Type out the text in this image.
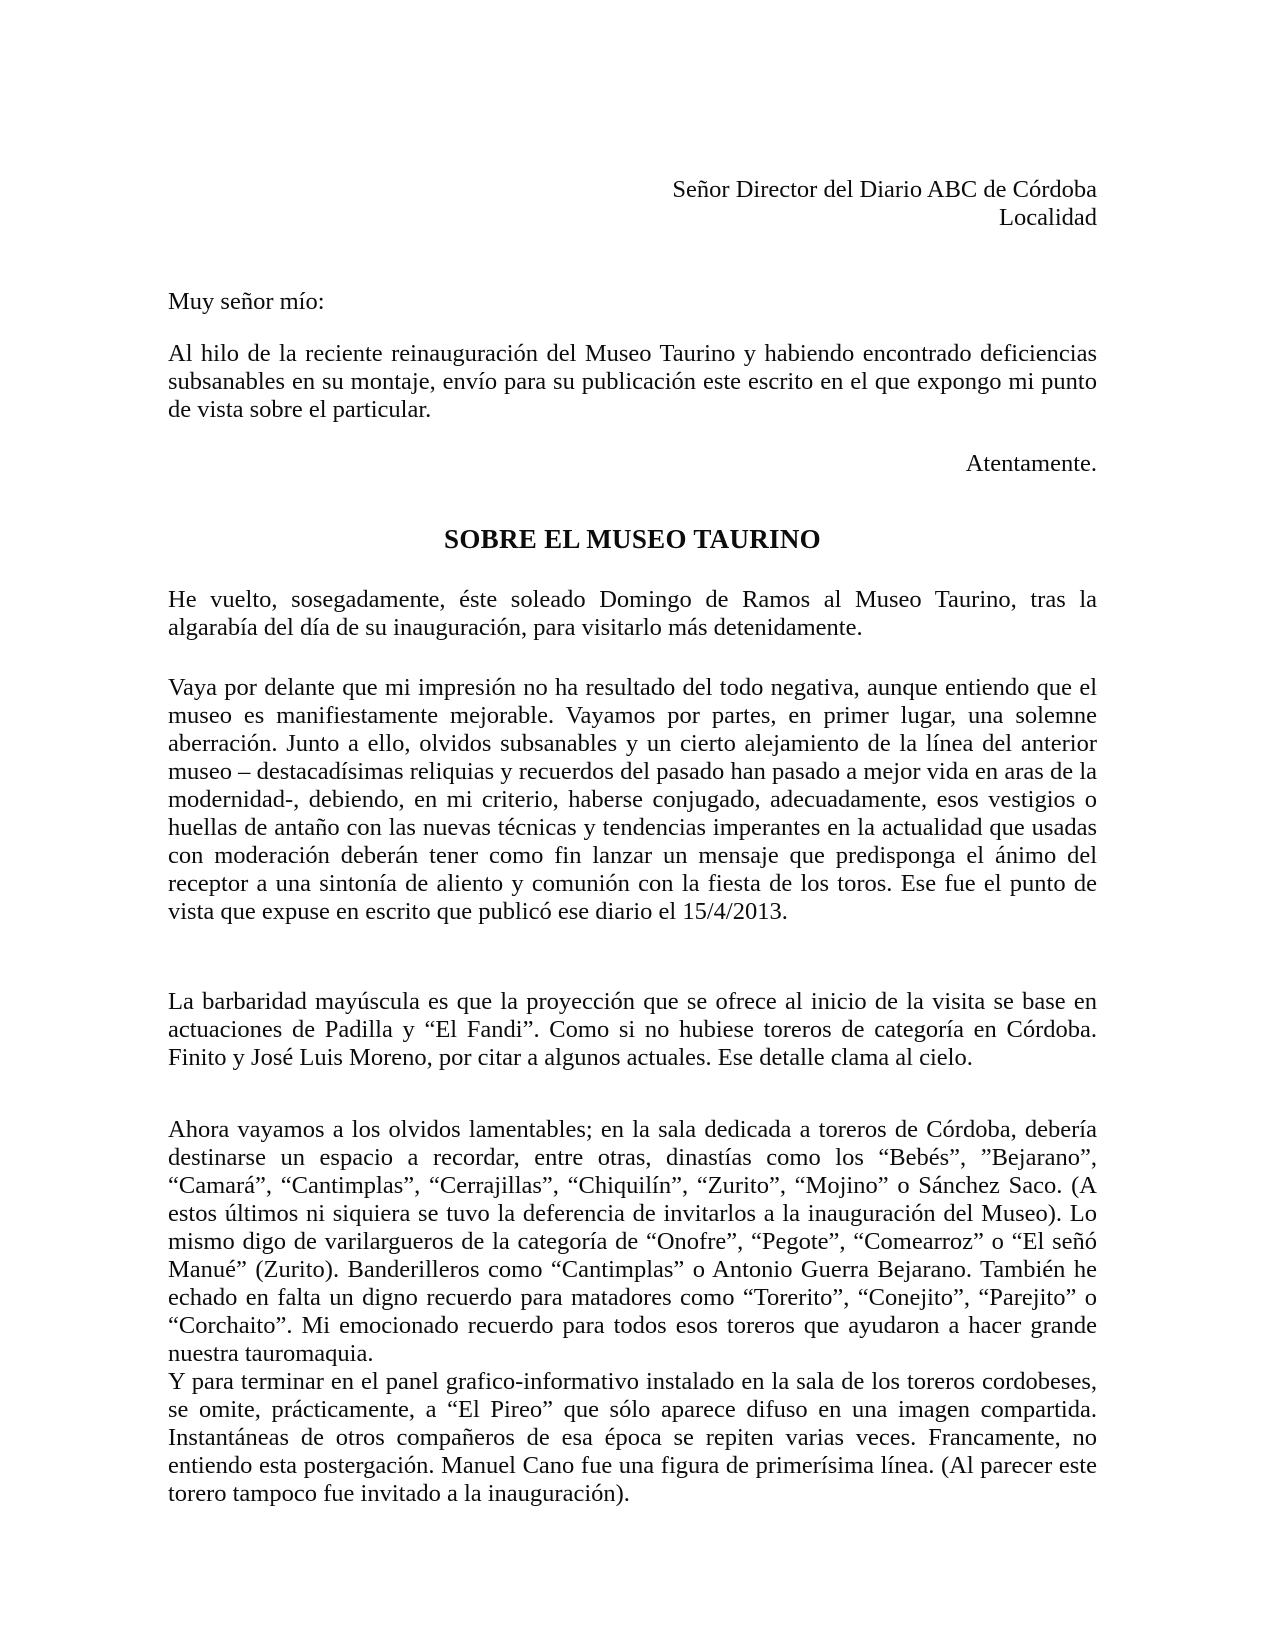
Señor Director del Diario ABC de Córdoba
Localidad
Muy señor mío:

Al hilo de la reciente reinauguración del Museo Taurino y habiendo encontrado deficiencias subsanables en su montaje, envío para su publicación este escrito en el que expongo mi punto de vista sobre el particular.

Atentamente.
SOBRE EL MUSEO TAURINO

He vuelto, sosegadamente, éste soleado Domingo de Ramos al Museo Taurino, tras la algarabía del día de su inauguración, para visitarlo más detenidamente.

Vaya por delante que mi impresión no ha resultado del todo negativa, aunque entiendo que el museo es manifiestamente mejorable. Vayamos por partes, en primer lugar, una solemne aberración. Junto a ello, olvidos subsanables y un cierto alejamiento de la línea del anterior museo – destacadísimas reliquias y recuerdos del pasado han pasado a mejor vida en aras de la modernidad-, debiendo, en mi criterio, haberse conjugado, adecuadamente, esos vestigios o huellas de antaño con las nuevas técnicas y tendencias imperantes en la actualidad que usadas con moderación deberán tener como fin lanzar un mensaje que predisponga el ánimo del receptor a una sintonía de aliento y comunión con la fiesta de los toros. Ese fue el punto de vista que expuse en escrito que publicó ese diario el 15/4/2013.

La barbaridad mayúscula es que la proyección que se ofrece al inicio de la visita se base en actuaciones de Padilla y “El Fandi”. Como si no hubiese toreros de categoría en Córdoba. Finito y José Luis Moreno, por citar a algunos actuales. Ese detalle clama al cielo.

Ahora vayamos a los olvidos lamentables; en la sala dedicada a toreros de Córdoba, debería destinarse un espacio a recordar, entre otras, dinastías como los “Bebés”, ”Bejarano”, “Camará”, “Cantimplas”, “Cerrajillas”, “Chiquilín”, “Zurito”, “Mojino” o Sánchez Saco. (A estos últimos ni siquiera se tuvo la deferencia de invitarlos a la inauguración del Museo). Lo mismo digo de varilargueros de la categoría de “Onofre”, “Pegote”, “Comearroz” o “El señó Manué” (Zurito). Banderilleros como “Cantimplas” o Antonio Guerra Bejarano. También he echado en falta un digno recuerdo para matadores como “Torerito”, “Conejito”, “Parejito” o “Corchaito”. Mi emocionado recuerdo para todos esos toreros que ayudaron a hacer grande nuestra tauromaquia.

Y para terminar en el panel grafico-informativo instalado en la sala de los toreros cordobeses, se omite, prácticamente, a “El Pireo” que sólo aparece difuso en una imagen compartida. Instantáneas de otros compañeros de esa época se repiten varias veces. Francamente, no entiendo esta postergación. Manuel Cano fue una figura de primerísima línea. (Al parecer este torero tampoco fue invitado a la inauguración).
